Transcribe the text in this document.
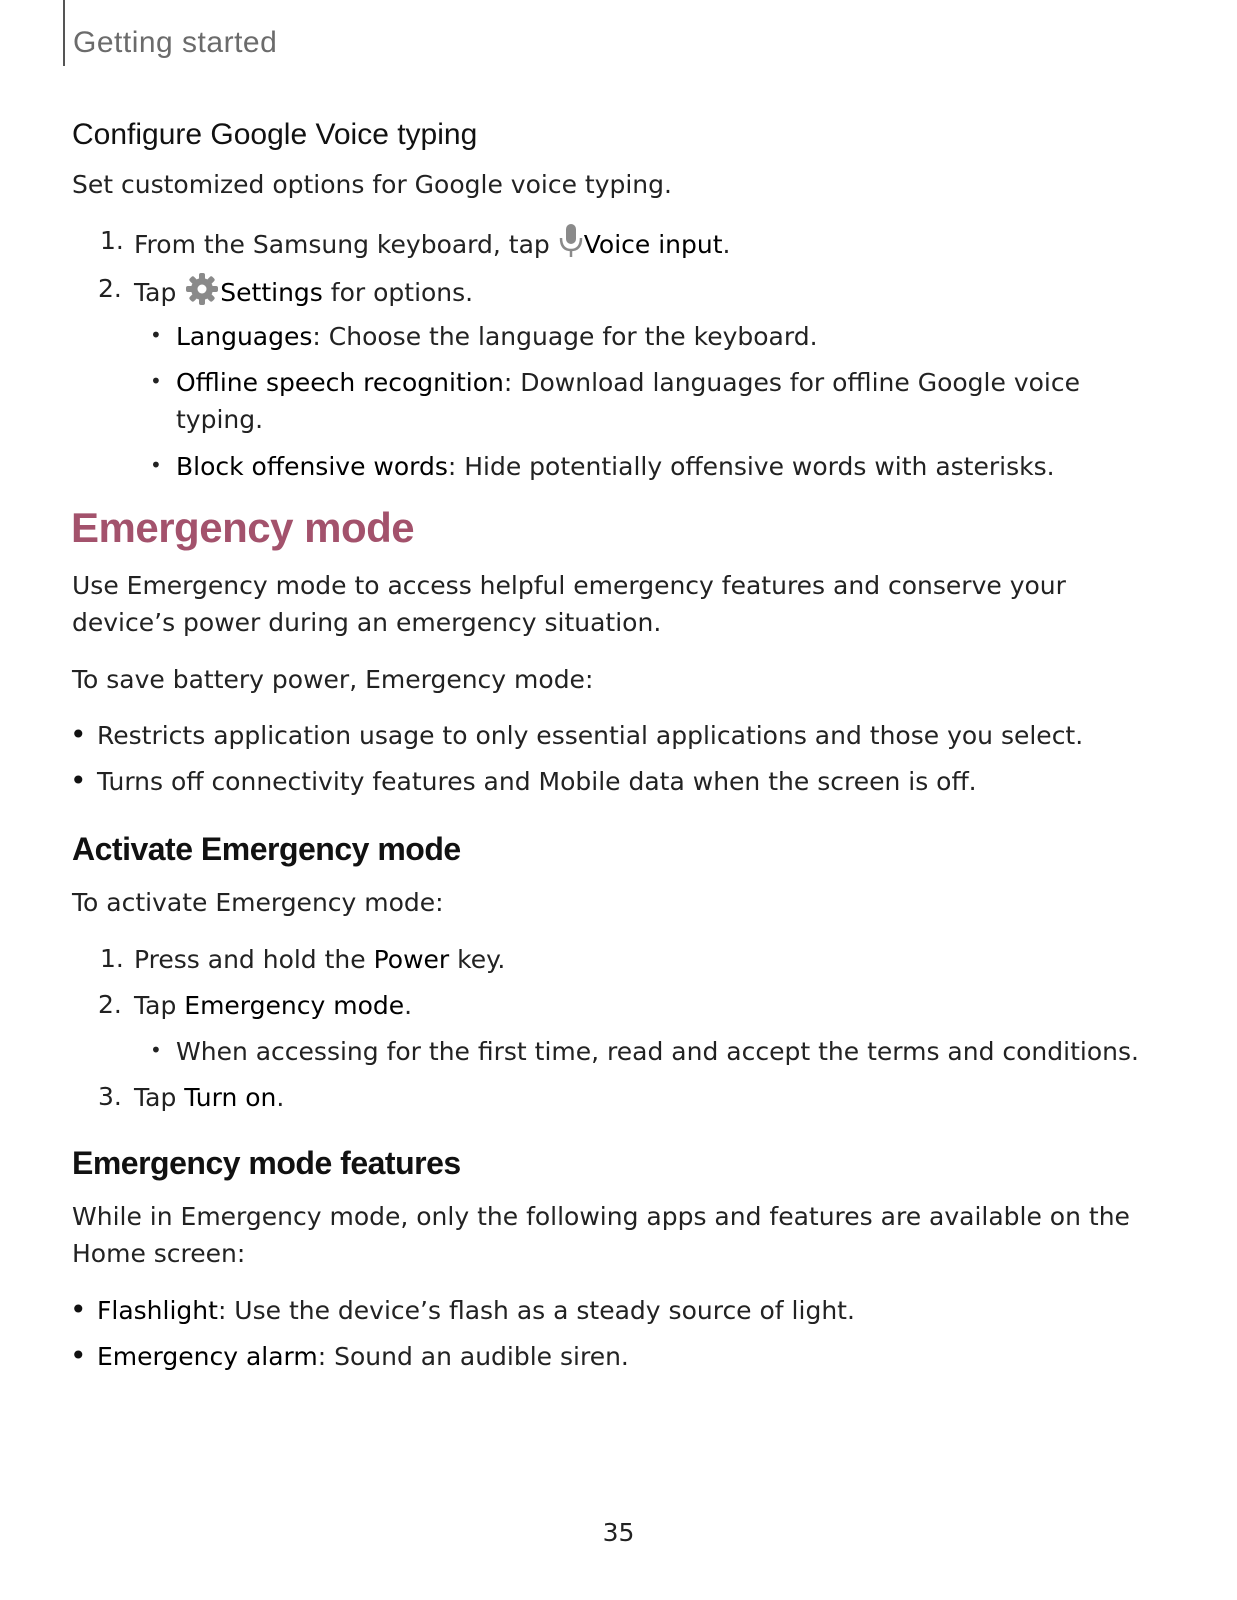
Getting started
Configure Google Voice typing
Set customized options for Google voice typing.
1. From the Samsung keyboard, tap Voice input.
2. Tap Settings for options.
• Languages: Choose the language for the keyboard.
• Offline speech recognition: Download languages for offline Google voice typing.
• Block offensive words: Hide potentially offensive words with asterisks.
Emergency mode
Use Emergency mode to access helpful emergency features and conserve your device’s power during an emergency situation.
To save battery power, Emergency mode:
• Restricts application usage to only essential applications and those you select.
• Turns off connectivity features and Mobile data when the screen is off.
Activate Emergency mode
To activate Emergency mode:
1. Press and hold the Power key.
2. Tap Emergency mode.
• When accessing for the first time, read and accept the terms and conditions.
3. Tap Turn on.
Emergency mode features
While in Emergency mode, only the following apps and features are available on the Home screen:
• Flashlight: Use the device’s flash as a steady source of light.
• Emergency alarm: Sound an audible siren.
35
